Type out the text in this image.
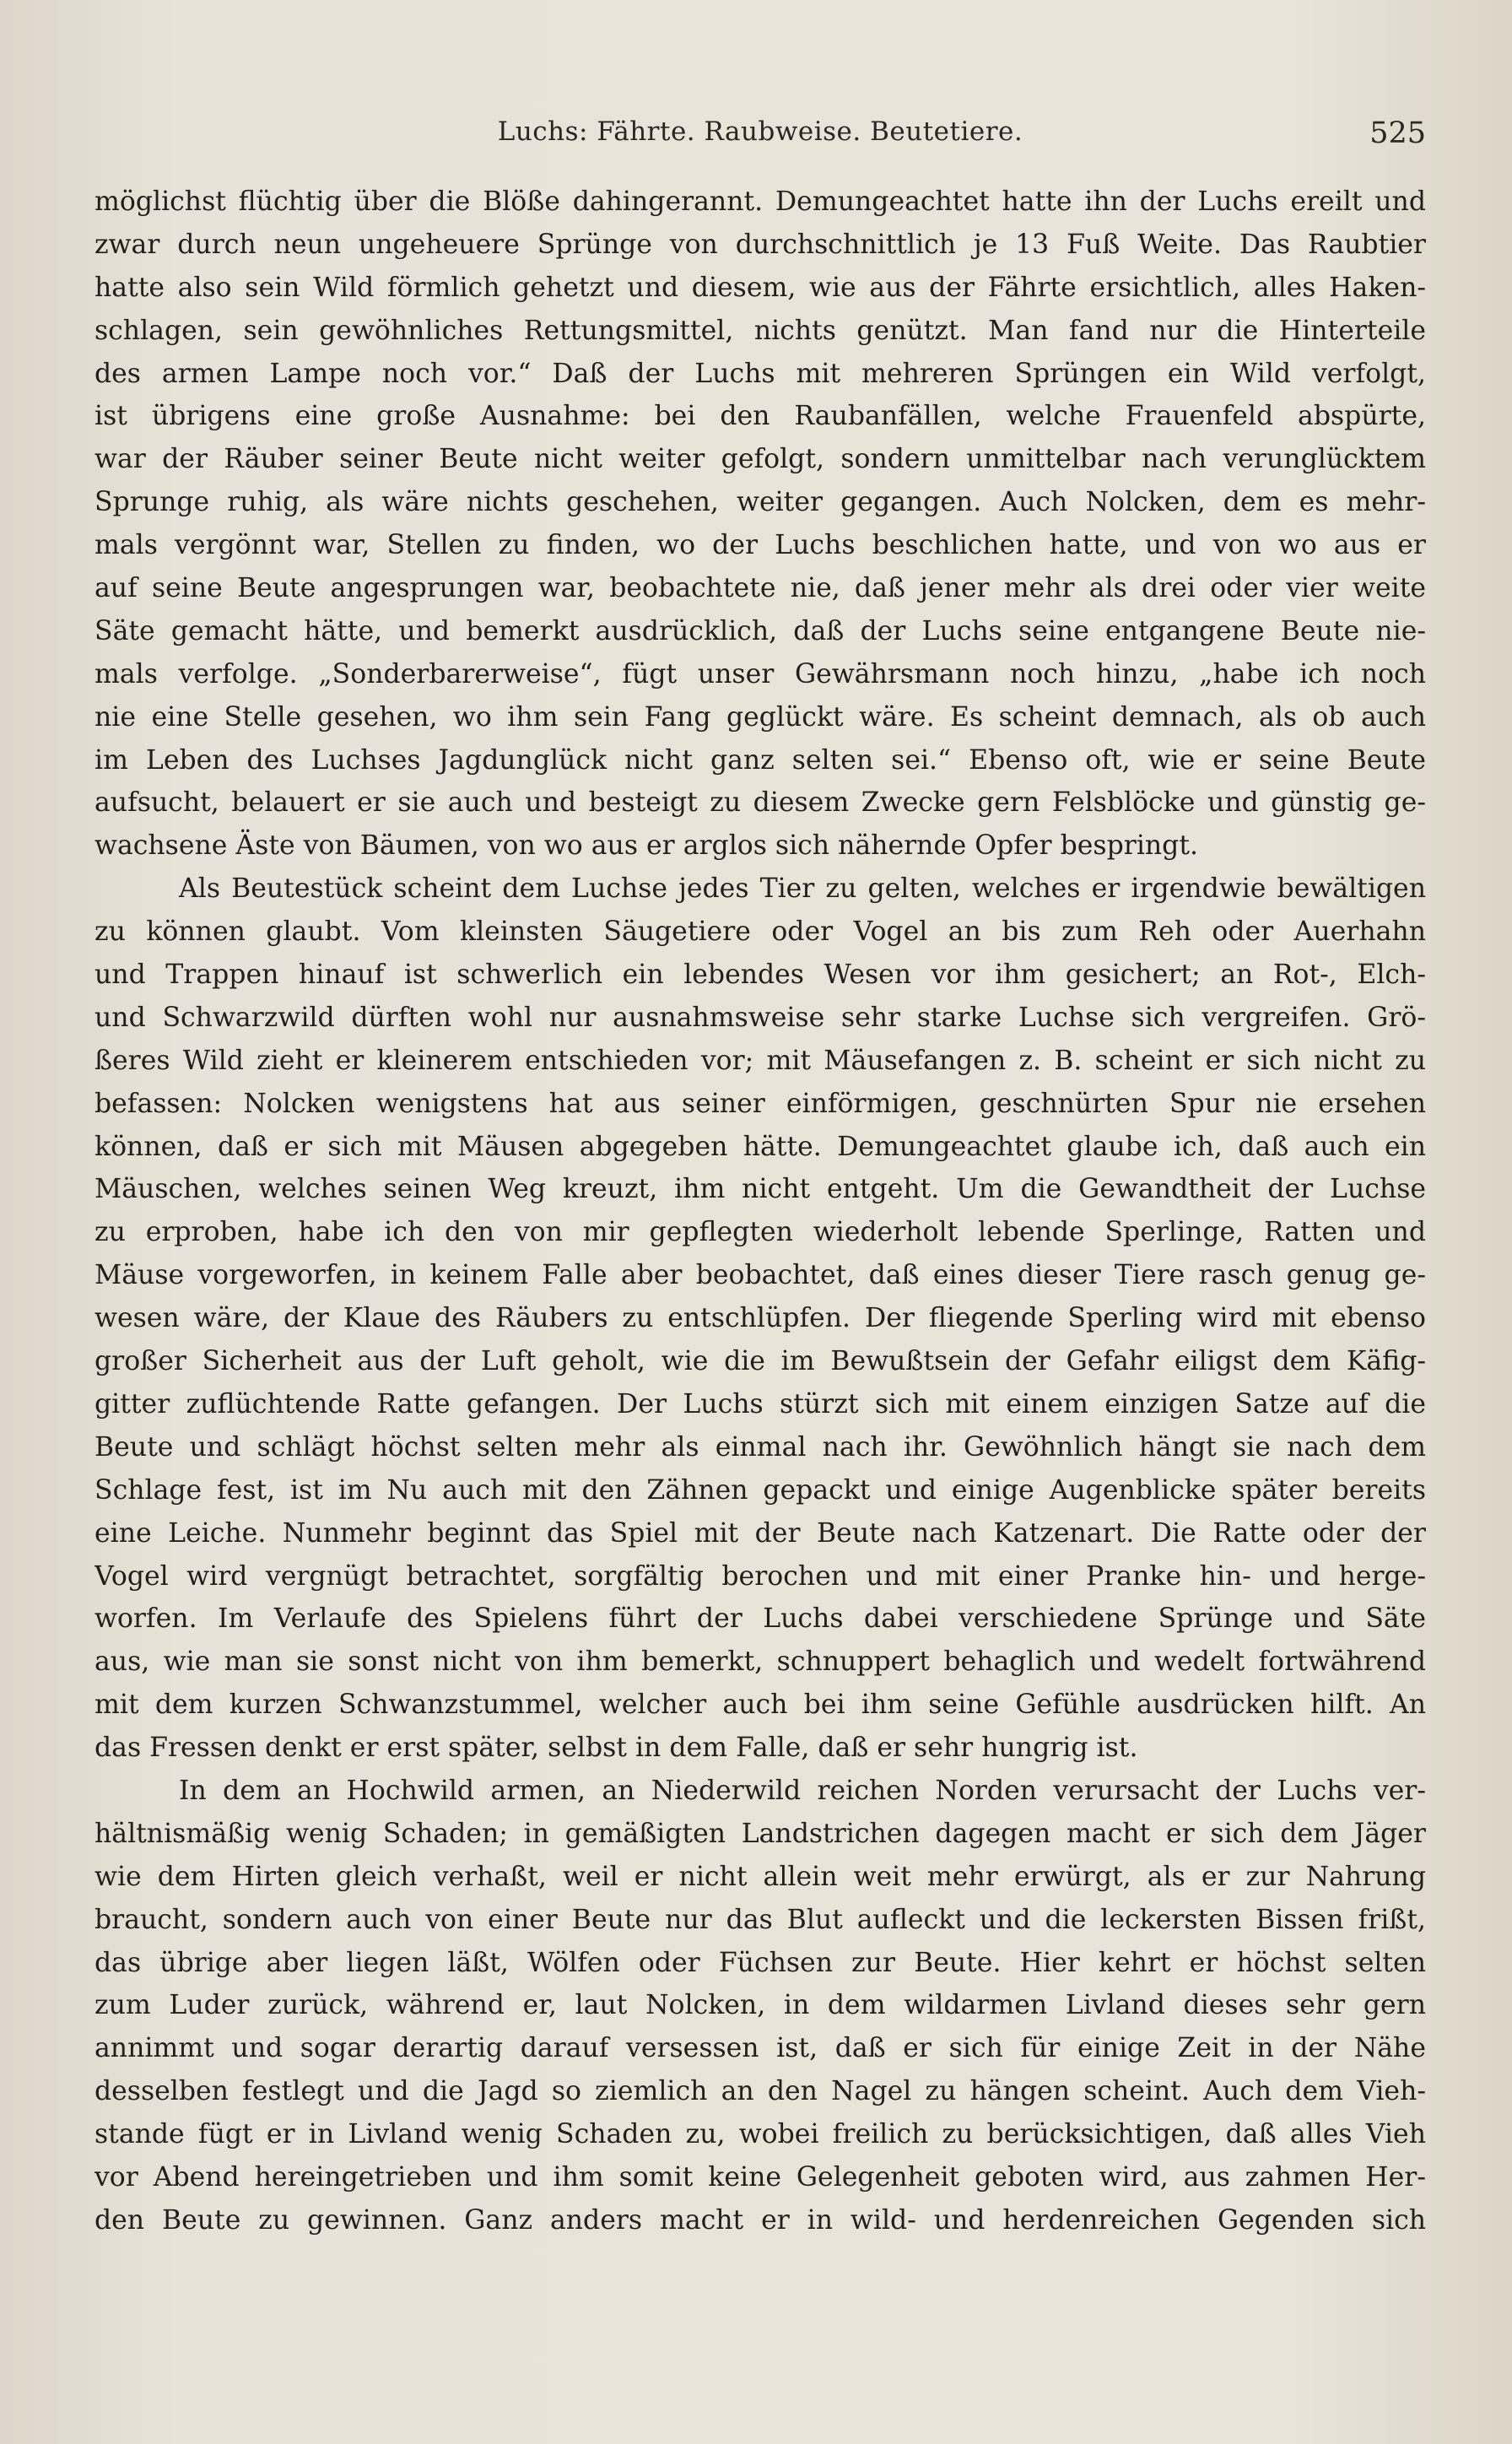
Luchs: Fährte. Raubweise. Beutetiere.	525
möglichst flüchtig über die Blöße dahingerannt. Demungeachtet hatte ihn der Luchs ereilt und
zwar durch neun ungeheuere Sprünge von durchschnittlich je 13 Fuß Weite. Das Raubtier
hatte also sein Wild förmlich gehetzt und diesem, wie aus der Fährte ersichtlich, alles Haken-
schlagen, sein gewöhnliches Rettungsmittel, nichts genützt. Man fand nur die Hinterteile
des armen Lampe noch vor.“ Daß der Luchs mit mehreren Sprüngen ein Wild verfolgt,
ist übrigens eine große Ausnahme: bei den Raubanfällen, welche Frauenfeld abspürte,
war der Räuber seiner Beute nicht weiter gefolgt, sondern unmittelbar nach verunglücktem
Sprunge ruhig, als wäre nichts geschehen, weiter gegangen. Auch Nolcken, dem es mehr-
mals vergönnt war, Stellen zu finden, wo der Luchs beschlichen hatte, und von wo aus er
auf seine Beute angesprungen war, beobachtete nie, daß jener mehr als drei oder vier weite
Säte gemacht hätte, und bemerkt ausdrücklich, daß der Luchs seine entgangene Beute nie-
mals verfolge. „Sonderbarerweise“, fügt unser Gewährsmann noch hinzu, „habe ich noch
nie eine Stelle gesehen, wo ihm sein Fang geglückt wäre. Es scheint demnach, als ob auch
im Leben des Luchses Jagdunglück nicht ganz selten sei.“ Ebenso oft, wie er seine Beute
aufsucht, belauert er sie auch und besteigt zu diesem Zwecke gern Felsblöcke und günstig ge-
wachsene Äste von Bäumen, von wo aus er arglos sich nähernde Opfer bespringt.
Als Beutestück scheint dem Luchse jedes Tier zu gelten, welches er irgendwie bewältigen
zu können glaubt. Vom kleinsten Säugetiere oder Vogel an bis zum Reh oder Auerhahn
und Trappen hinauf ist schwerlich ein lebendes Wesen vor ihm gesichert; an Rot-, Elch-
und Schwarzwild dürften wohl nur ausnahmsweise sehr starke Luchse sich vergreifen. Grö-
ßeres Wild zieht er kleinerem entschieden vor; mit Mäusefangen z. B. scheint er sich nicht zu
befassen: Nolcken wenigstens hat aus seiner einförmigen, geschnürten Spur nie ersehen
können, daß er sich mit Mäusen abgegeben hätte. Demungeachtet glaube ich, daß auch ein
Mäuschen, welches seinen Weg kreuzt, ihm nicht entgeht. Um die Gewandtheit der Luchse
zu erproben, habe ich den von mir gepflegten wiederholt lebende Sperlinge, Ratten und
Mäuse vorgeworfen, in keinem Falle aber beobachtet, daß eines dieser Tiere rasch genug ge-
wesen wäre, der Klaue des Räubers zu entschlüpfen. Der fliegende Sperling wird mit ebenso
großer Sicherheit aus der Luft geholt, wie die im Bewußtsein der Gefahr eiligst dem Käfig-
gitter zuflüchtende Ratte gefangen. Der Luchs stürzt sich mit einem einzigen Satze auf die
Beute und schlägt höchst selten mehr als einmal nach ihr. Gewöhnlich hängt sie nach dem
Schlage fest, ist im Nu auch mit den Zähnen gepackt und einige Augenblicke später bereits
eine Leiche. Nunmehr beginnt das Spiel mit der Beute nach Katzenart. Die Ratte oder der
Vogel wird vergnügt betrachtet, sorgfältig berochen und mit einer Pranke hin- und herge-
worfen. Im Verlaufe des Spielens führt der Luchs dabei verschiedene Sprünge und Säte
aus, wie man sie sonst nicht von ihm bemerkt, schnuppert behaglich und wedelt fortwährend
mit dem kurzen Schwanzstummel, welcher auch bei ihm seine Gefühle ausdrücken hilft. An
das Fressen denkt er erst später, selbst in dem Falle, daß er sehr hungrig ist.
In dem an Hochwild armen, an Niederwild reichen Norden verursacht der Luchs ver-
hältnismäßig wenig Schaden; in gemäßigten Landstrichen dagegen macht er sich dem Jäger
wie dem Hirten gleich verhaßt, weil er nicht allein weit mehr erwürgt, als er zur Nahrung
braucht, sondern auch von einer Beute nur das Blut aufleckt und die leckersten Bissen frißt,
das übrige aber liegen läßt, Wölfen oder Füchsen zur Beute. Hier kehrt er höchst selten
zum Luder zurück, während er, laut Nolcken, in dem wildarmen Livland dieses sehr gern
annimmt und sogar derartig darauf versessen ist, daß er sich für einige Zeit in der Nähe
desselben festlegt und die Jagd so ziemlich an den Nagel zu hängen scheint. Auch dem Vieh-
stande fügt er in Livland wenig Schaden zu, wobei freilich zu berücksichtigen, daß alles Vieh
vor Abend hereingetrieben und ihm somit keine Gelegenheit geboten wird, aus zahmen Her-
den Beute zu gewinnen. Ganz anders macht er in wild- und herdenreichen Gegenden sich
